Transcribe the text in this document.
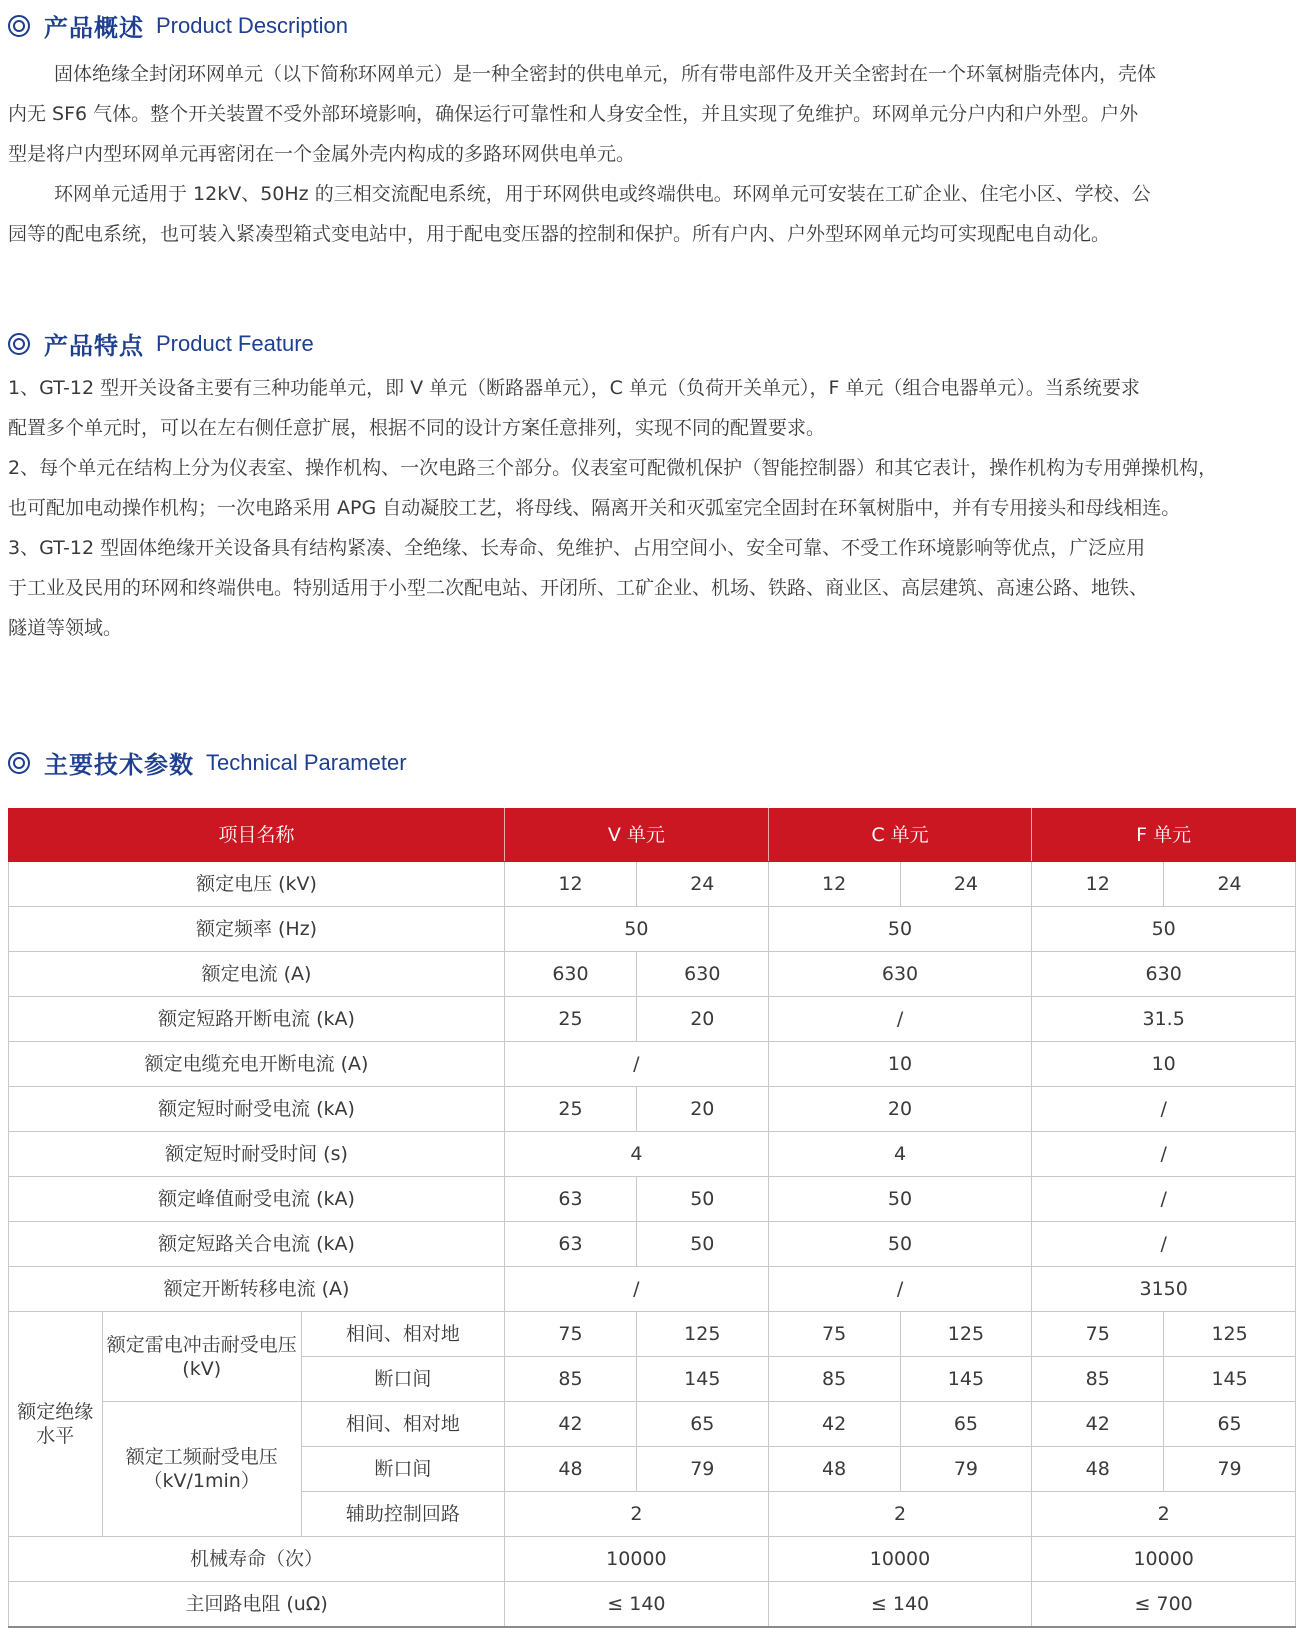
产品概述 Product Description

固体绝缘全封闭环网单元（以下简称环网单元）是一种全密封的供电单元，所有带电部件及开关全密封在一个环氧树脂壳体内，壳体

内无 SF6 气体。整个开关装置不受外部环境影响，确保运行可靠性和人身安全性，并且实现了免维护。环网单元分户内和户外型。户外

型是将户内型环网单元再密闭在一个金属外壳内构成的多路环网供电单元。

环网单元适用于 12kV、50Hz 的三相交流配电系统，用于环网供电或终端供电。环网单元可安装在工矿企业、住宅小区、学校、公

园等的配电系统，也可装入紧凑型箱式变电站中，用于配电变压器的控制和保护。所有户内、户外型环网单元均可实现配电自动化。

产品特点 Product Feature

1、GT-12 型开关设备主要有三种功能单元，即 V 单元（断路器单元），C 单元（负荷开关单元），F 单元（组合电器单元）。当系统要求

配置多个单元时，可以在左右侧任意扩展，根据不同的设计方案任意排列，实现不同的配置要求。

2、每个单元在结构上分为仪表室、操作机构、一次电路三个部分。仪表室可配微机保护（智能控制器）和其它表计，操作机构为专用弹操机构，

也可配加电动操作机构；一次电路采用 APG 自动凝胶工艺，将母线、隔离开关和灭弧室完全固封在环氧树脂中，并有专用接头和母线相连。

3、GT-12 型固体绝缘开关设备具有结构紧凑、全绝缘、长寿命、免维护、占用空间小、安全可靠、不受工作环境影响等优点，广泛应用

于工业及民用的环网和终端供电。特别适用于小型二次配电站、开闭所、工矿企业、机场、铁路、商业区、高层建筑、高速公路、地铁、

隧道等领域。

主要技术参数 Technical Parameter
项目名称			V 单元		C 单元		F 单元	
额定电压 (kV)			12	24	12	24	12	24
额定频率 (Hz)			50		50		50	
额定电流 (A)			630	630	630		630	
额定短路开断电流 (kA)			25	20	/		31.5	
额定电缆充电开断电流 (A)			/		10		10	
额定短时耐受电流 (kA)			25	20	20		/	
额定短时耐受时间 (s)			4		4		/	
额定峰值耐受电流 (kA)			63	50	50		/	
额定短路关合电流 (kA)			63	50	50		/	
额定开断转移电流 (A)			/		/		3150	
额定绝缘水平	额定雷电冲击耐受电压 (kV)	相间、相对地	75	125	75	125	75	125
		断口间	85	145	85	145	85	145
	额定工频耐受电压（kV/1min）	相间、相对地	42	65	42	65	42	65
		断口间	48	79	48	79	48	79
		辅助控制回路	2		2		2	
机械寿命（次）			10000		10000		10000	
主回路电阻 (uΩ)			≤ 140		≤ 140		≤ 700	
